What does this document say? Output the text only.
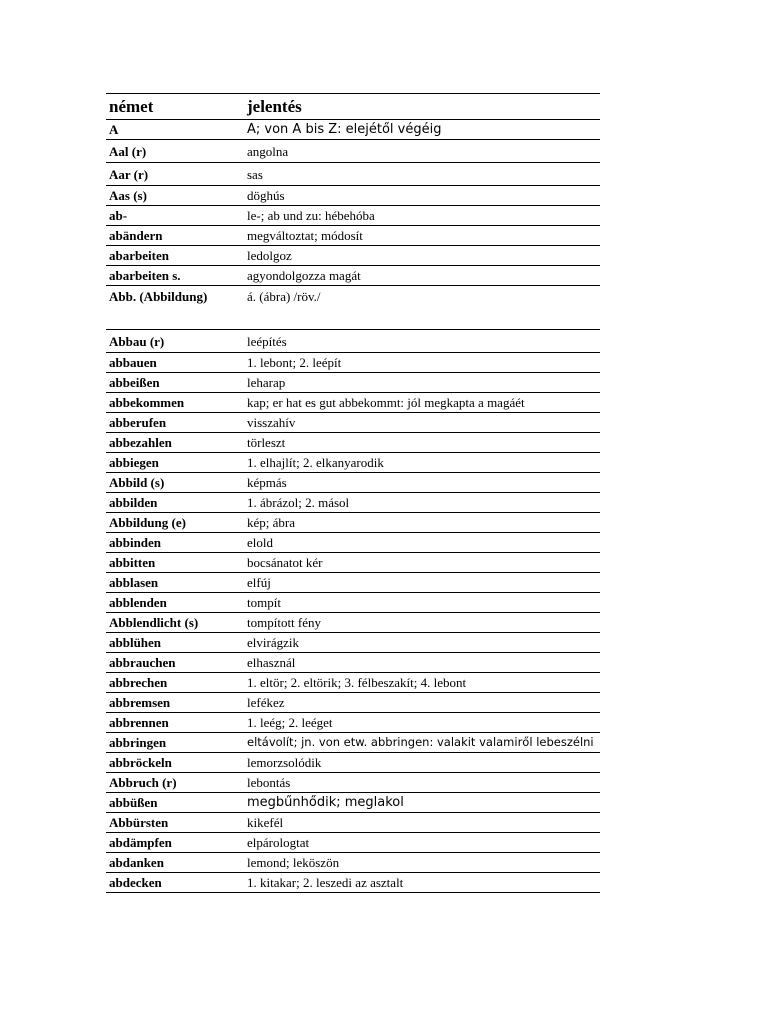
német	jelentés
A	A; von A bis Z: elejétől végéig
Aal (r)	angolna
Aar (r)	sas
Aas (s)	döghús
ab-	le-; ab und zu: hébehóba
abändern	megváltoztat; módosít
abarbeiten	ledolgoz
abarbeiten s.	agyondolgozza magát
Abb. (Abbildung)	á. (ábra) /röv./
Abbau (r)	leépítés
abbauen	1. lebont; 2. leépít
abbeißen	leharap
abbekommen	kap; er hat es gut abbekommt: jól megkapta a magáét
abberufen	visszahív
abbezahlen	törleszt
abbiegen	1. elhajlít; 2. elkanyarodik
Abbild (s)	képmás
abbilden	1. ábrázol; 2. másol
Abbildung (e)	kép; ábra
abbinden	elold
abbitten	bocsánatot kér
abblasen	elfúj
abblenden	tompít
Abblendlicht (s)	tompított fény
abblühen	elvirágzik
abbrauchen	elhasznál
abbrechen	1. eltör; 2. eltörik; 3. félbeszakít; 4. lebont
abbremsen	lefékez
abbrennen	1. leég; 2. leéget
abbringen	eltávolít; jn. von etw. abbringen: valakit valamiről lebeszélni
abbröckeln	lemorzsolódik
Abbruch (r)	lebontás
abbüßen	megbűnhődik; meglakol
Abbürsten	kikefél
abdämpfen	elpárologtat
abdanken	lemond; leköszön
abdecken	1. kitakar; 2. leszedi az asztalt
